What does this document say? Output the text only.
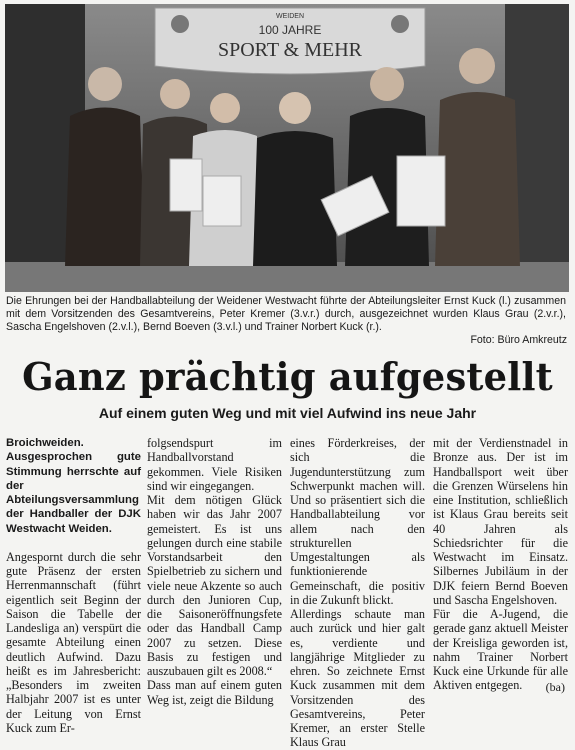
WEIDEN
100 JAHRE
SPORT & MEHR
Die Ehrungen bei der Handballabteilung der Weidener Westwacht führte der Abteilungsleiter Ernst Kuck (l.) zusammen mit dem Vorsitzenden des Gesamtvereins, Peter Kremer (3.v.r.) durch, ausgezeichnet wurden Klaus Grau (2.v.r.), Sascha Engelshoven (2.v.l.), Bernd Boeven (3.v.l.) und Trainer Norbert Kuck (r.).
Foto: Büro Amkreutz
Ganz prächtig aufgestellt
Auf einem guten Weg und mit viel Aufwind ins neue Jahr

Broichweiden. Ausgesprochen gute Stimmung herrschte auf der Abteilungsversammlung der Handballer der DJK Westwacht Weiden.

Angespornt durch die sehr gute Präsenz der ersten Herrenmannschaft (führt eigentlich seit Beginn der Saison die Tabelle der Landesliga an) verspürt die gesamte Abteilung einen deutlich Aufwind. Dazu heißt es im Jahresbericht: „Besonders im zweiten Halbjahr 2007 ist es unter der Leitung von Ernst Kuck zum Er-

folgsendspurt im Handballvorstand gekommen. Viele Risiken sind wir eingegangen.

Mit dem nötigen Glück haben wir das Jahr 2007 gemeistert. Es ist uns gelungen durch eine stabile Vorstandsarbeit den Spielbetrieb zu sichern und viele neue Akzente so auch durch den Junioren Cup, die Saisoneröffnungsfete oder das Handball Camp 2007 zu setzen. Diese Basis zu festigen und auszubauen gilt es 2008.“

Dass man auf einem guten Weg ist, zeigt die Bildung

eines Förderkreises, der sich die Jugendunterstützung zum Schwerpunkt machen will. Und so präsentiert sich die Handballabteilung vor allem nach den strukturellen Umgestaltungen als funktionierende Gemeinschaft, die positiv in die Zukunft blickt.

Allerdings schaute man auch zurück und hier galt es, verdiente und langjährige Mitglieder zu ehren. So zeichnete Ernst Kuck zusammen mit dem Vorsitzenden des Gesamtvereins, Peter Kremer, an erster Stelle Klaus Grau

mit der Verdienstnadel in Bronze aus. Der ist im Handballsport weit über die Grenzen Würselens hin eine Institution, schließlich ist Klaus Grau bereits seit 40 Jahren als Schiedsrichter für die Westwacht im Einsatz. Silbernes Jubiläum in der DJK feiern Bernd Boeven und Sascha Engelshoven.

Für die A-Jugend, die gerade ganz aktuell Meister der Kreisliga geworden ist, nahm Trainer Norbert Kuck eine Urkunde für alle Aktiven entgegen.	(ba)
